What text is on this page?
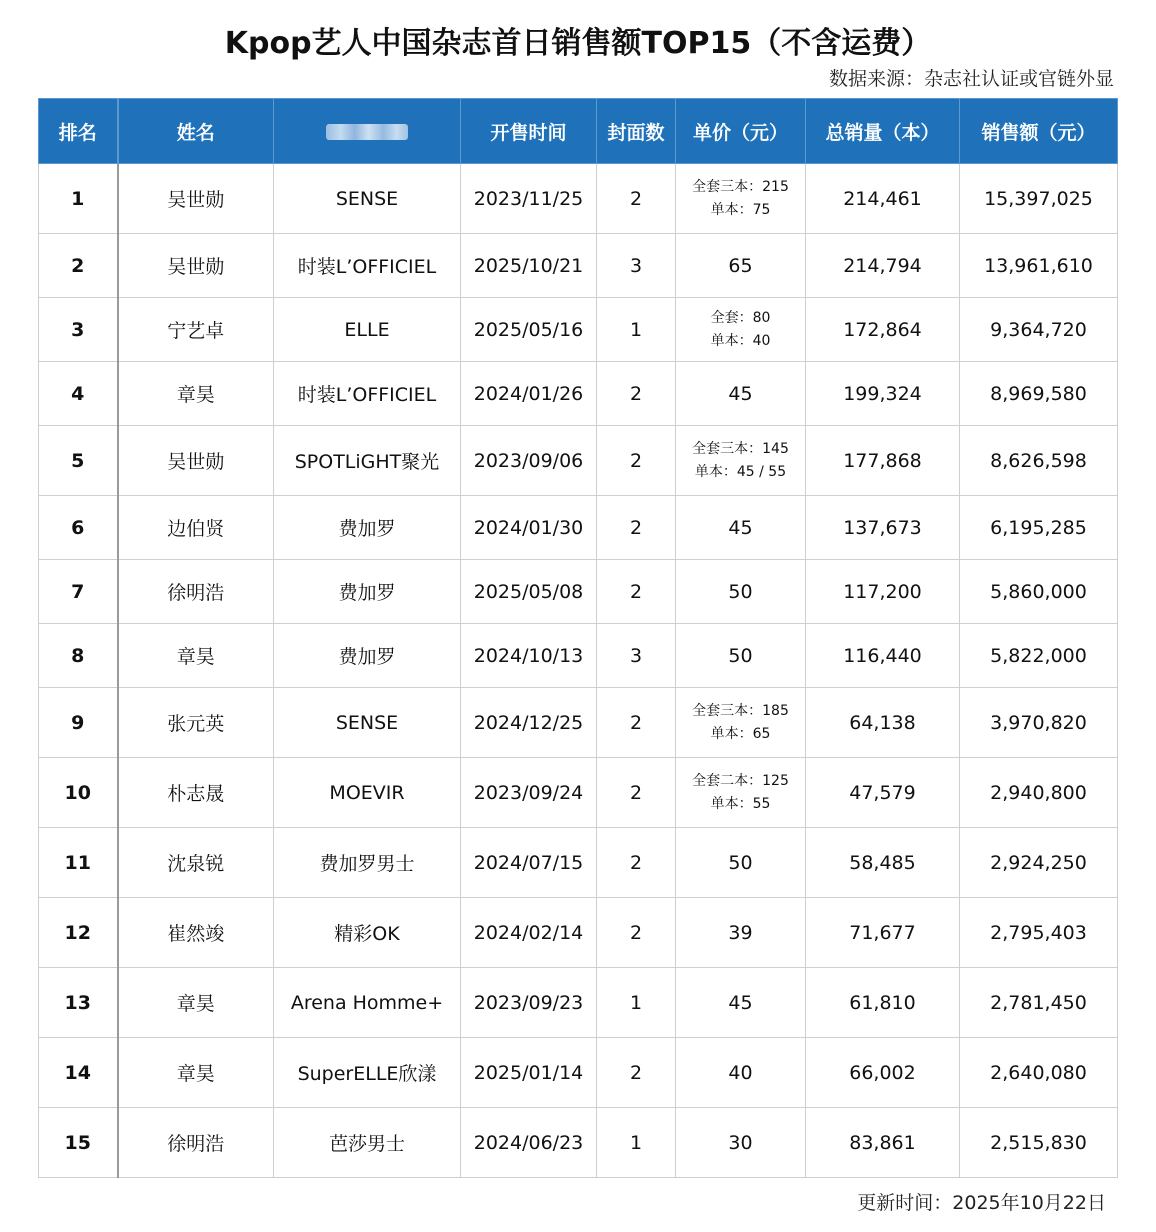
Kpop艺人中国杂志首日销售额TOP15（不含运费）
数据来源：杂志社认证或官链外显
排名	姓名		开售时间	封面数	单价（元）	总销量（本）	销售额（元）
1	吴世勋	SENSE	2023/11/25	2	全套三本：215
单本：75	214,461	15,397,025
2	吴世勋	时装L’OFFICIEL	2025/10/21	3	65	214,794	13,961,610
3	宁艺卓	ELLE	2025/05/16	1	全套：80
单本：40	172,864	9,364,720
4	章昊	时装L’OFFICIEL	2024/01/26	2	45	199,324	8,969,580
5	吴世勋	SPOTLiGHT聚光	2023/09/06	2	全套三本：145
单本：45 / 55	177,868	8,626,598
6	边伯贤	费加罗	2024/01/30	2	45	137,673	6,195,285
7	徐明浩	费加罗	2025/05/08	2	50	117,200	5,860,000
8	章昊	费加罗	2024/10/13	3	50	116,440	5,822,000
9	张元英	SENSE	2024/12/25	2	全套三本：185
单本：65	64,138	3,970,820
10	朴志晟	MOEVIR	2023/09/24	2	全套二本：125
单本：55	47,579	2,940,800
11	沈泉锐	费加罗男士	2024/07/15	2	50	58,485	2,924,250
12	崔然竣	精彩OK	2024/02/14	2	39	71,677	2,795,403
13	章昊	Arena Homme+	2023/09/23	1	45	61,810	2,781,450
14	章昊	SuperELLE欣漾	2025/01/14	2	40	66,002	2,640,080
15	徐明浩	芭莎男士	2024/06/23	1	30	83,861	2,515,830
更新时间：2025年10月22日
